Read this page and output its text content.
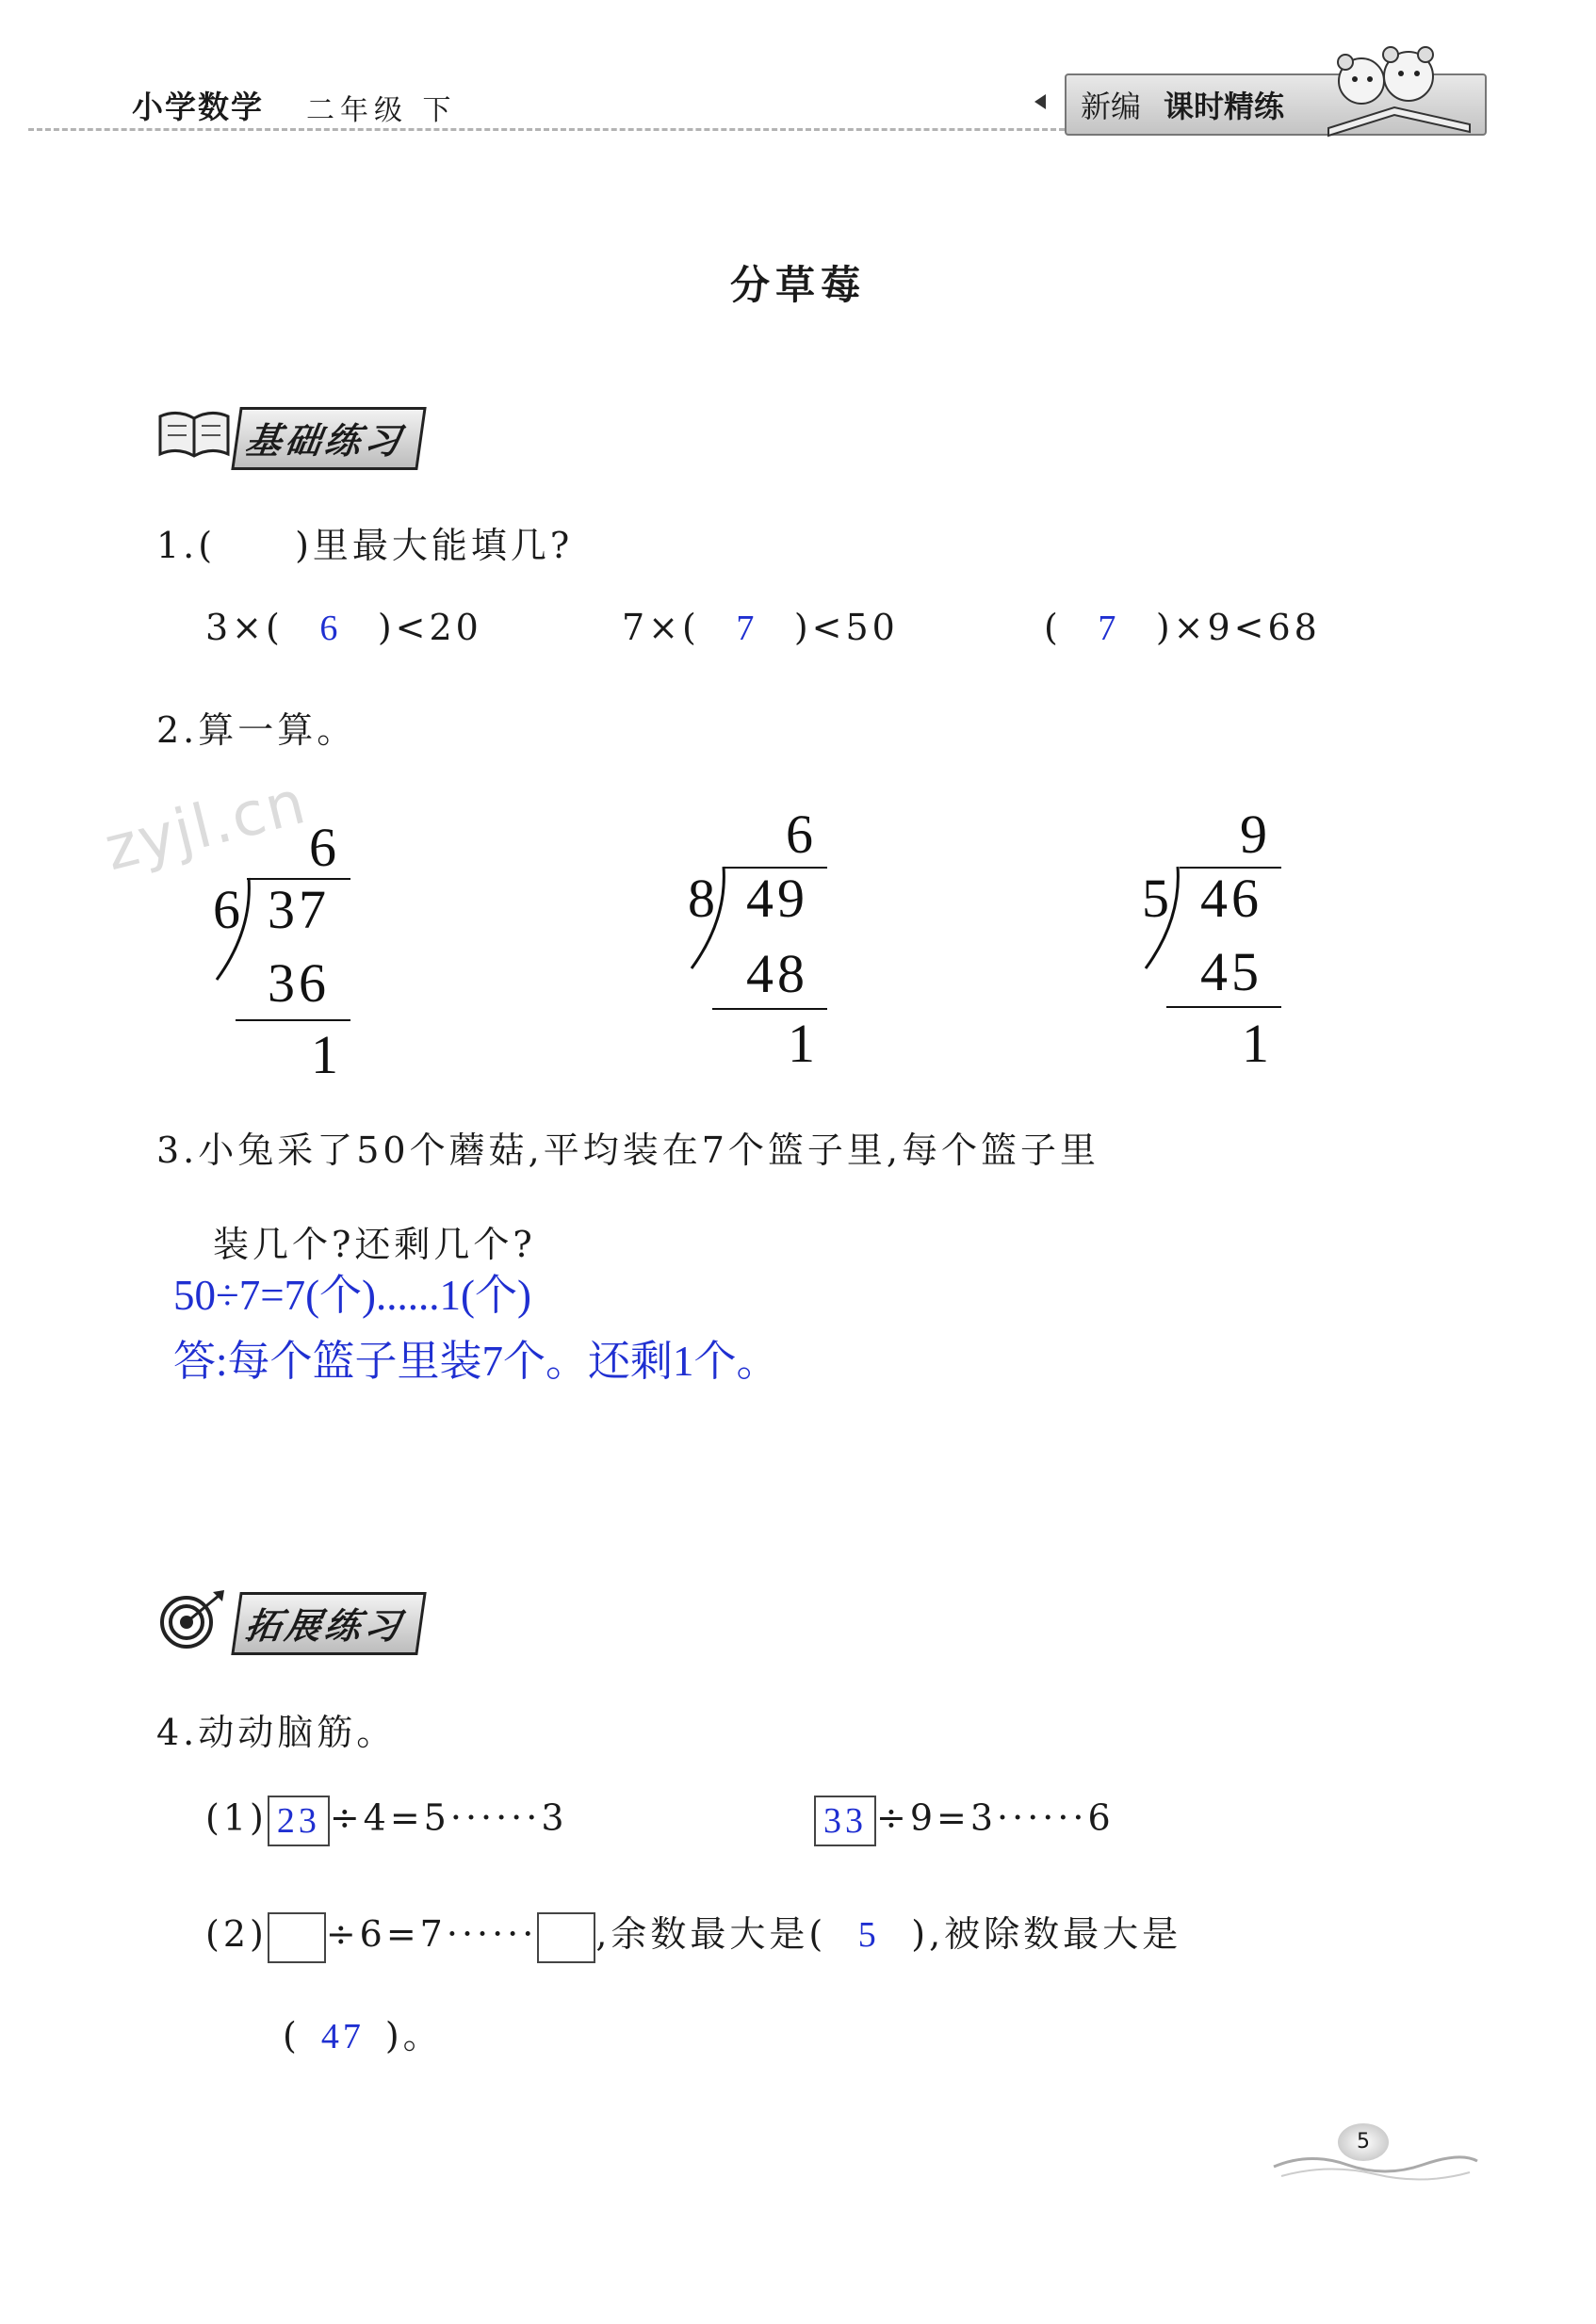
小学数学 二年级 下	新编 课时精练
分草莓
基础练习
1.(　　)里最大能填几?
3×( 6 )<20	7×( 7 )<50	( 7 )×9<68
2.算一算。
zyjl.cn
6
6 37
36
1
6
8 49
48
1
9
5 46
45
1
3.小兔采了50个蘑菇,平均装在7个篮子里,每个篮子里
装几个?还剩几个?
50÷7=7(个)......1(个)
答:每个篮子里装7个。还剩1个。
拓展练习
4.动动脑筋。
(1) 23 ÷4=5······3	33 ÷9=3······6
(2) ÷6=7······ ,余数最大是( 5 ),被除数最大是
( 47 )。
5
